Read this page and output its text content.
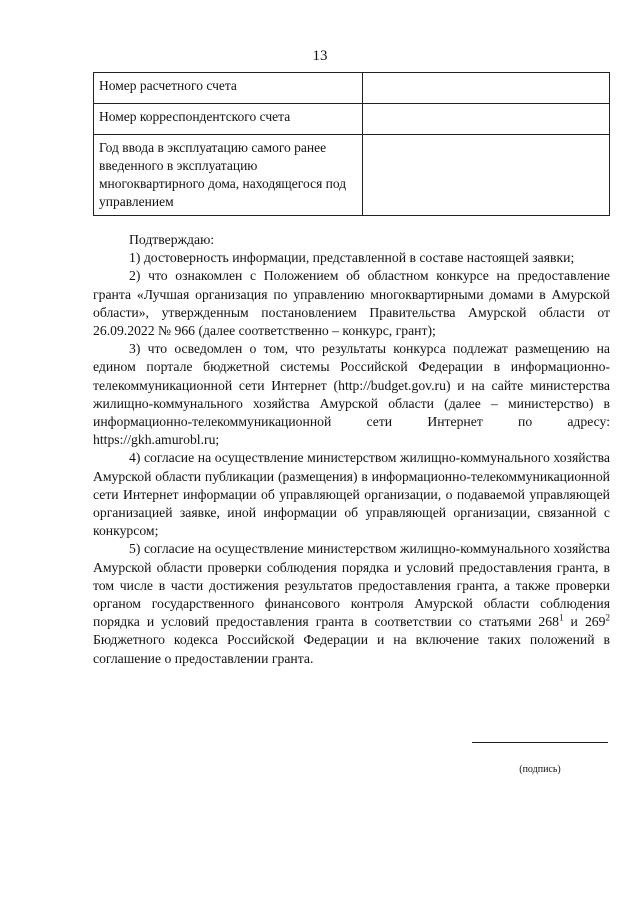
13
Номер расчетного счета	
Номер корреспондентского счета	
Год ввода в эксплуатацию самого ранее введенного в эксплуатацию многоквартирного дома, находящегося под управлением	

Подтверждаю:

1) достоверность информации, представленной в составе настоящей заявки;

2) что ознакомлен с Положением об областном конкурсе на предоставление гранта «Лучшая организация по управлению многоквартирными домами в Амурской области», утвержденным постановлением Правительства Амурской области от 26.09.2022 № 966 (далее соответственно – конкурс, грант);

3) что осведомлен о том, что результаты конкурса подлежат размещению на едином портале бюджетной системы Российской Федерации в информационно-телекоммуникационной сети Интернет (http://budget.gov.ru) и на сайте министерства жилищно-коммунального хозяйства Амурской области (далее – министерство) в информационно-телекоммуникационной сети Интернет по адресу: https://gkh.amurobl.ru;

4) согласие на осуществление министерством жилищно-коммунального хозяйства Амурской области публикации (размещения) в информационно-телекоммуникационной сети Интернет информации об управляющей организации, о подаваемой управляющей организацией заявке, иной информации об управляющей организации, связанной с конкурсом;

5) согласие на осуществление министерством жилищно-коммунального хозяйства Амурской области проверки соблюдения порядка и условий предоставления гранта, в том числе в части достижения результатов предоставления гранта, а также проверки органом государственного финансового контроля Амурской области соблюдения порядка и условий предоставления гранта в соответствии со статьями $268^1$ и $269^2$ Бюджетного кодекса Российской Федерации и на включение таких положений в соглашение о предоставлении гранта.

(подпись)
